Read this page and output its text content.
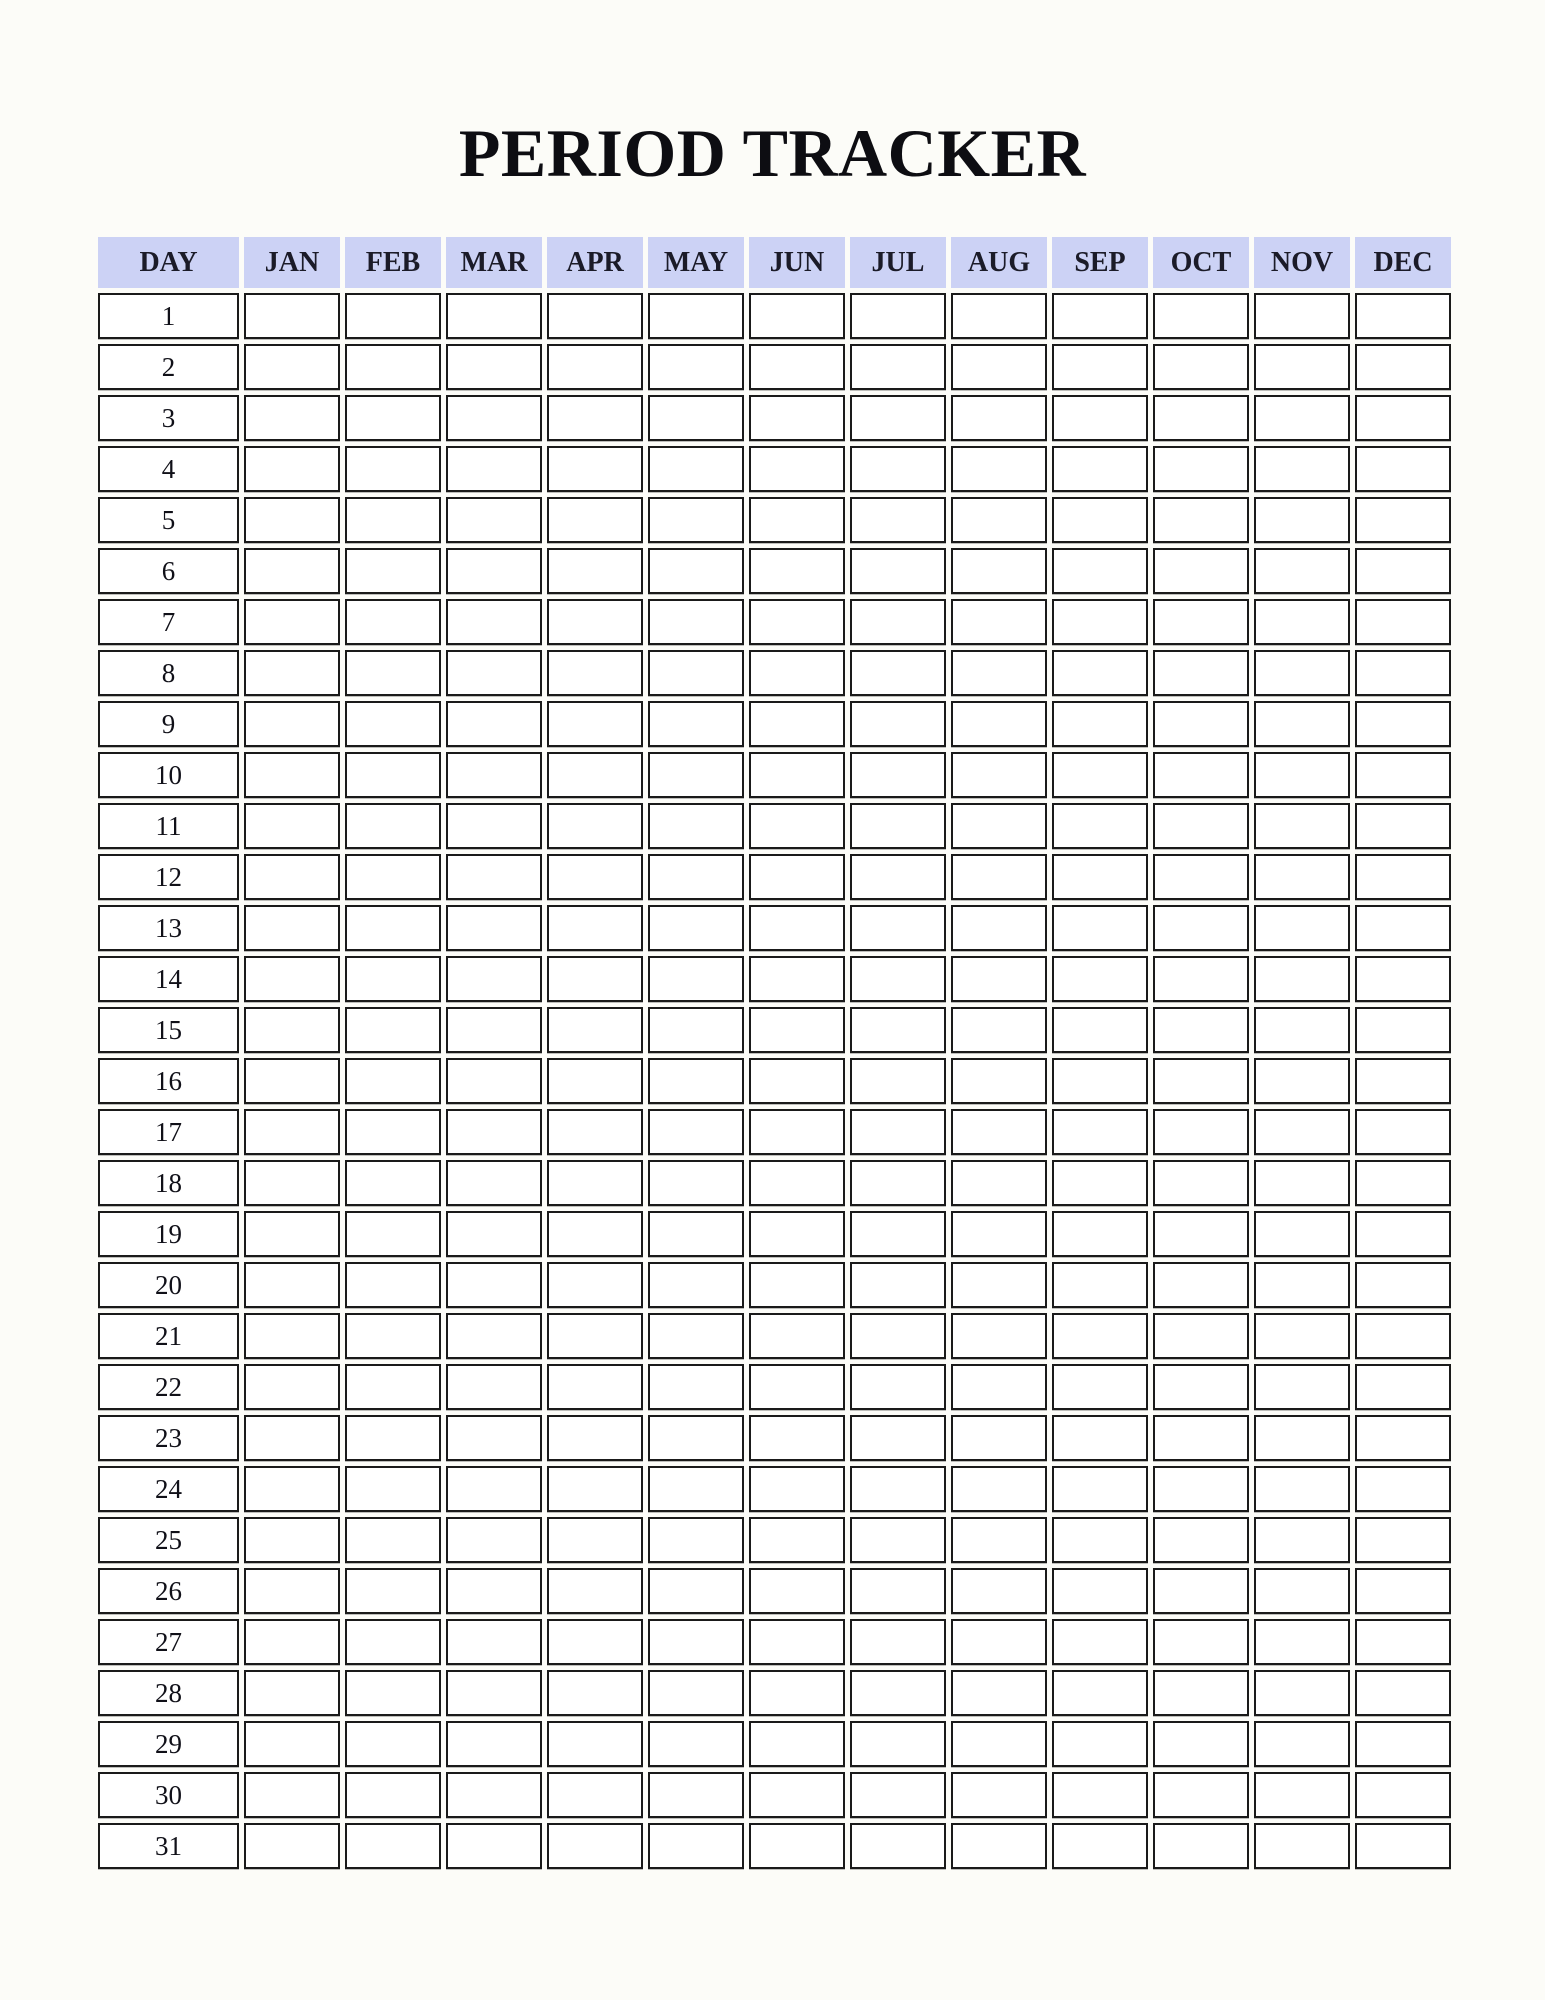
PERIOD TRACKER
DAY	JAN	FEB	MAR	APR	MAY	JUN	JUL	AUG	SEP	OCT	NOV	DEC
1
2
3
4
5
6
7
8
9
10
11
12
13
14
15
16
17
18
19
20
21
22
23
24
25
26
27
28
29
30
31
